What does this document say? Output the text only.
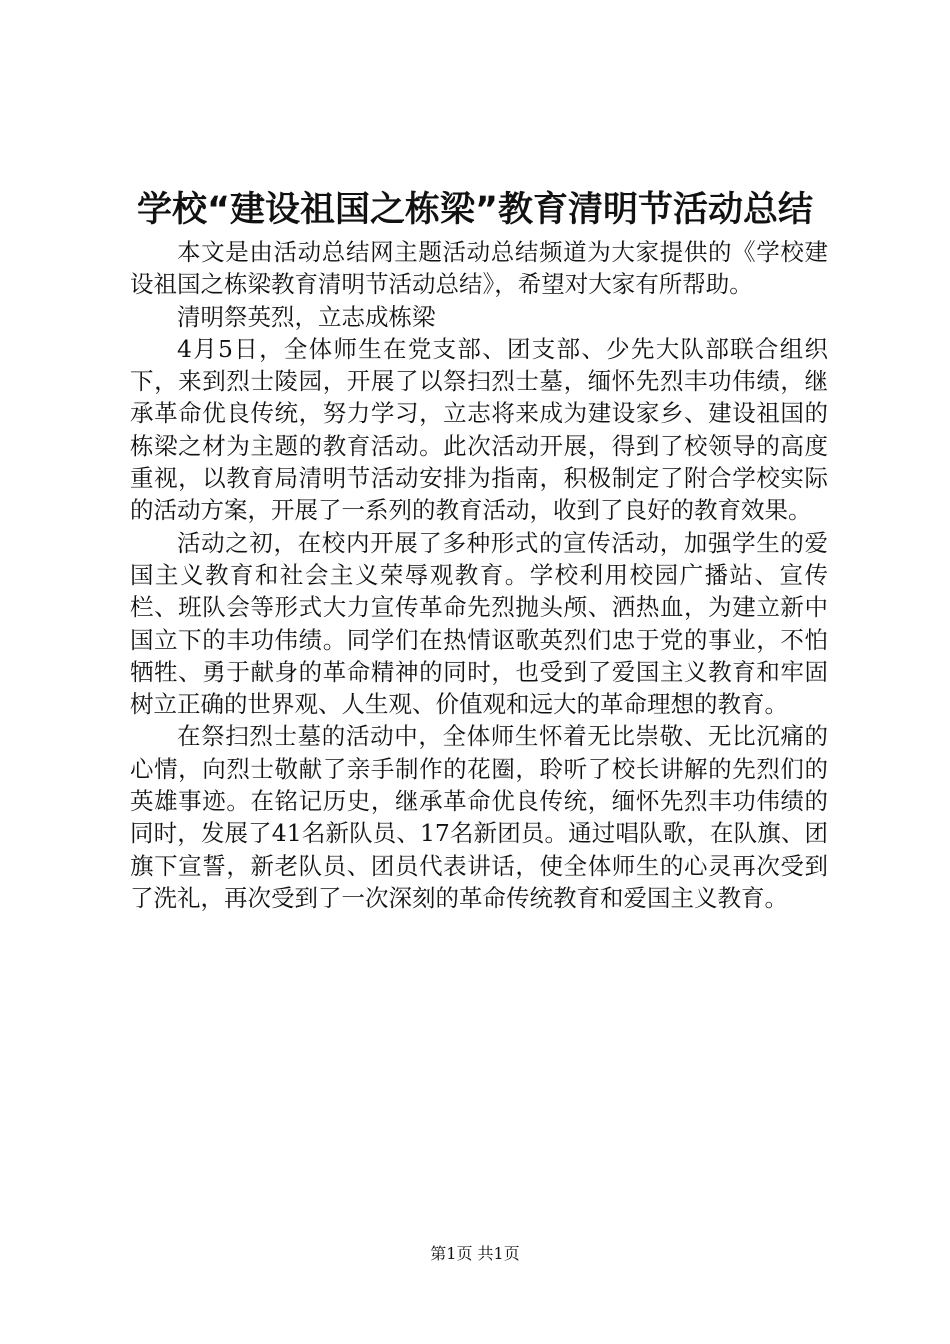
学校“建设祖国之栋梁”教育清明节活动总结

本文是由活动总结网主题活动总结频道为大家提供的《学校建设祖国之栋梁教育清明节活动总结》，希望对大家有所帮助。

清明祭英烈，立志成栋梁

4月5日，全体师生在党支部、团支部、少先大队部联合组织下，来到烈士陵园，开展了以祭扫烈士墓，缅怀先烈丰功伟绩，继承革命优良传统，努力学习，立志将来成为建设家乡、建设祖国的栋梁之材为主题的教育活动。此次活动开展，得到了校领导的高度重视，以教育局清明节活动安排为指南，积极制定了附合学校实际的活动方案，开展了一系列的教育活动，收到了良好的教育效果。

活动之初，在校内开展了多种形式的宣传活动，加强学生的爱国主义教育和社会主义荣辱观教育。学校利用校园广播站、宣传栏、班队会等形式大力宣传革命先烈抛头颅、洒热血，为建立新中国立下的丰功伟绩。同学们在热情讴歌英烈们忠于党的事业，不怕牺牲、勇于献身的革命精神的同时，也受到了爱国主义教育和牢固树立正确的世界观、人生观、价值观和远大的革命理想的教育。

在祭扫烈士墓的活动中，全体师生怀着无比崇敬、无比沉痛的心情，向烈士敬献了亲手制作的花圈，聆听了校长讲解的先烈们的英雄事迹。在铭记历史，继承革命优良传统，缅怀先烈丰功伟绩的同时，发展了41名新队员、17名新团员。通过唱队歌，在队旗、团旗下宣誓，新老队员、团员代表讲话，使全体师生的心灵再次受到了洗礼，再次受到了一次深刻的革命传统教育和爱国主义教育。

第1页 共1页
